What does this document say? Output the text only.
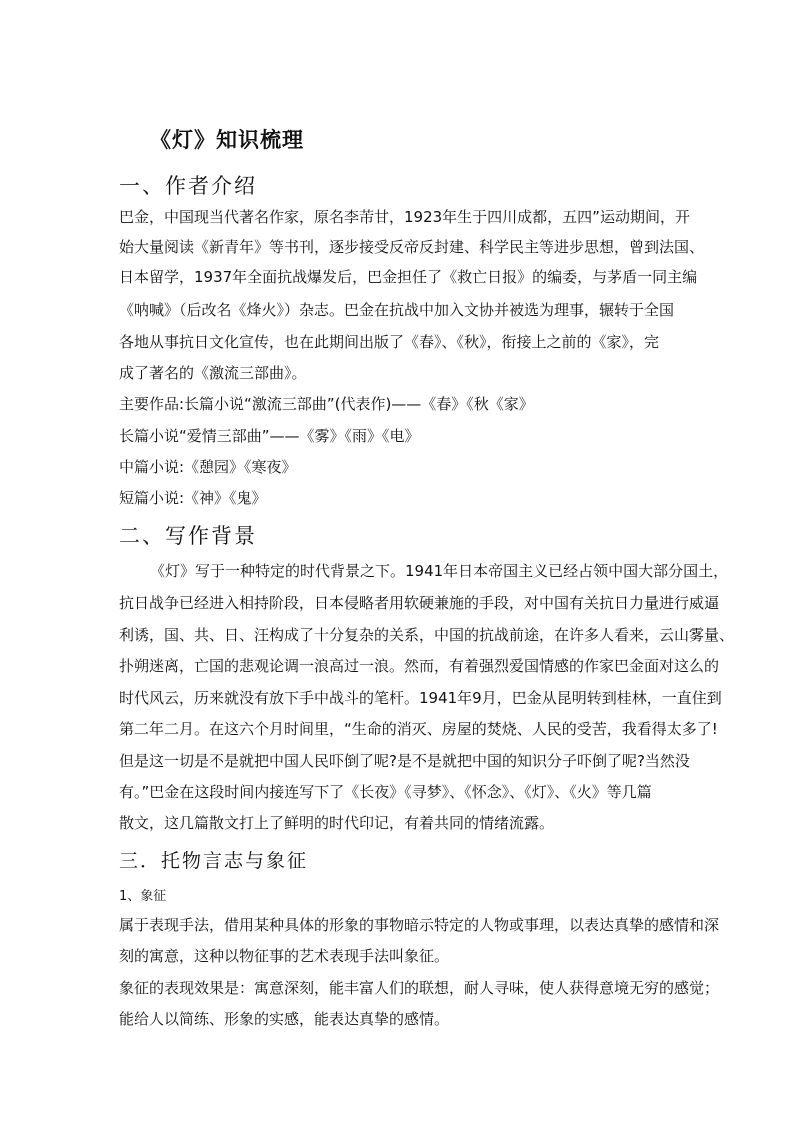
《灯》知识梳理
一、作者介绍
巴金，中国现当代著名作家，原名李芾甘，1923年生于四川成都，五四”运动期间，开
始大量阅读《新青年》等书刊，逐步接受反帝反封建、科学民主等进步思想，曾到法国、
日本留学，1937年全面抗战爆发后，巴金担任了《救亡日报》的编委，与茅盾一同主编
《呐喊》（后改名《烽火》）杂志。巴金在抗战中加入文协并被选为理事，辗转于全国
各地从事抗日文化宣传，也在此期间出版了《春》、《秋》，衔接上之前的《家》，完
成了著名的《激流三部曲》。
主要作品:长篇小说“激流三部曲”(代表作)——《春》《秋《家》
长篇小说“爱情三部曲”——《雾》《雨》《电》
中篇小说:《憩园》《寒夜》
短篇小说:《神》《鬼》
二、写作背景
《灯》写于一种特定的时代背景之下。1941年日本帝国主义已经占领中国大部分国土，
抗日战争已经进入相持阶段，日本侵略者用软硬兼施的手段，对中国有关抗日力量进行威逼
利诱，国、共、日、汪构成了十分复杂的关系，中国的抗战前途，在许多人看来，云山雾量、
扑朔迷离，亡国的悲观论调一浪高过一浪。然而，有着强烈爱国情感的作家巴金面对这么的
时代风云，历来就没有放下手中战斗的笔杆。1941年9月，巴金从昆明转到桂林，一直住到
第二年二月。在这六个月时间里，“生命的消灭、房屋的焚烧、人民的受苦，我看得太多了!
但是这一切是不是就把中国人民吓倒了呢?是不是就把中国的知识分子吓倒了呢?当然没
有。”巴金在这段时间内接连写下了《长夜》《寻梦》、《怀念》、《灯》、《火》等几篇
散文，这几篇散文打上了鲜明的时代印记，有着共同的情绪流露。
三．托物言志与象征
1、象征
属于表现手法，借用某种具体的形象的事物暗示特定的人物或事理，以表达真挚的感情和深
刻的寓意，这种以物征事的艺术表现手法叫象征。
象征的表现效果是：寓意深刻，能丰富人们的联想，耐人寻味，使人获得意境无穷的感觉；
能给人以简练、形象的实感，能表达真挚的感情。
